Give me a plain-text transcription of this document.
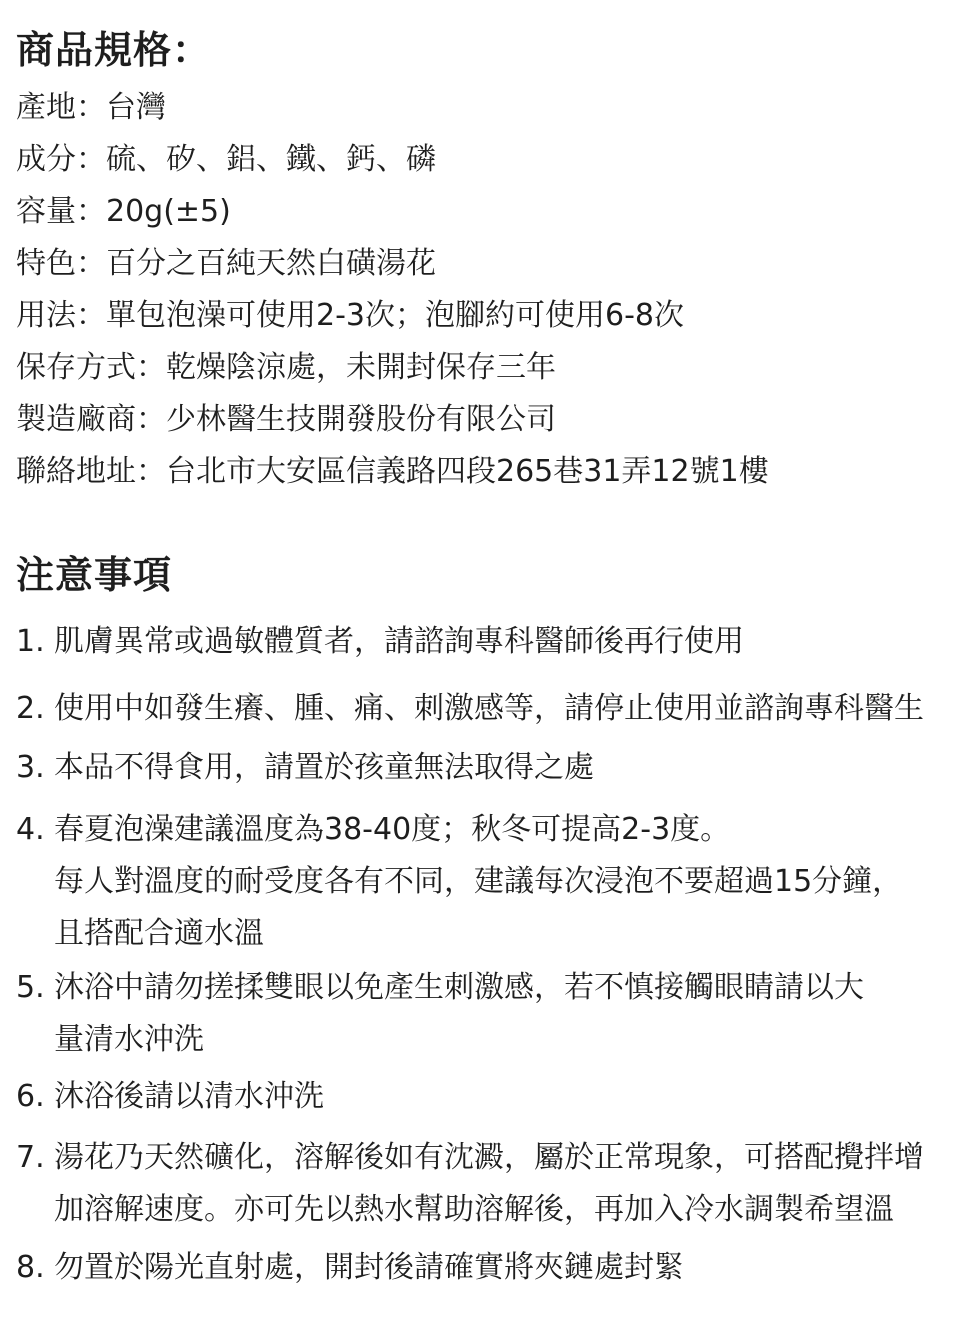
商品規格：
產地：台灣
成分：硫、矽、鋁、鐵、鈣、磷
容量：20g(±5)
特色：百分之百純天然白磺湯花
用法：單包泡澡可使用2-3次；泡腳約可使用6-8次
保存方式：乾燥陰涼處，未開封保存三年
製造廠商：少林醫生技開發股份有限公司
聯絡地址：台北市大安區信義路四段265巷31弄12號1樓
注意事項
1. 肌膚異常或過敏體質者，請諮詢專科醫師後再行使用
2. 使用中如發生癢、腫、痛、刺激感等，請停止使用並諮詢專科醫生
3. 本品不得食用，請置於孩童無法取得之處
4. 春夏泡澡建議溫度為38-40度；秋冬可提高2-3度。
每人對溫度的耐受度各有不同，建議每次浸泡不要超過15分鐘，
且搭配合適水溫
5. 沐浴中請勿搓揉雙眼以免產生刺激感，若不慎接觸眼睛請以大
量清水沖洗
6. 沐浴後請以清水沖洗
7. 湯花乃天然礦化，溶解後如有沈澱，屬於正常現象，可搭配攪拌增
加溶解速度。亦可先以熱水幫助溶解後，再加入冷水調製希望溫
8. 勿置於陽光直射處，開封後請確實將夾鏈處封緊
